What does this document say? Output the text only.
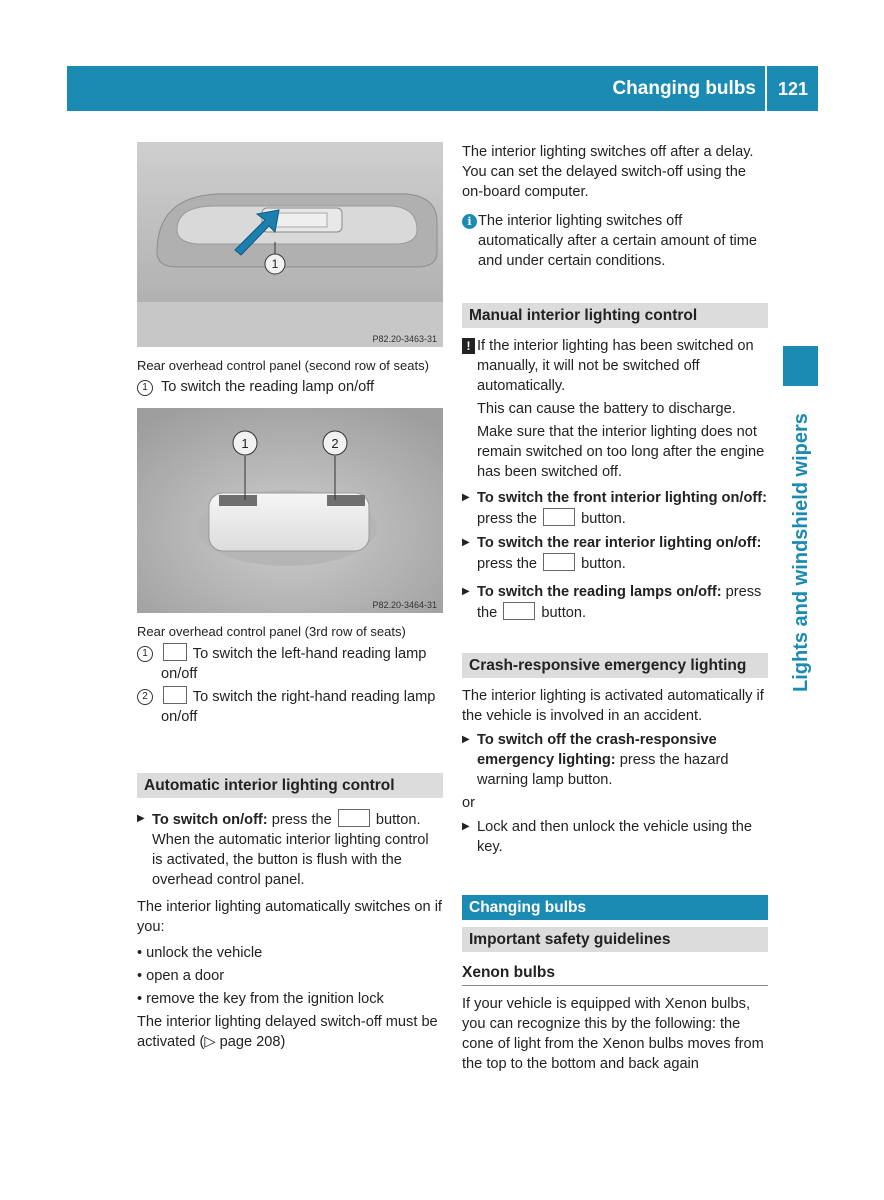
Changing bulbs 121
Lights and windshield wipers
1
P82.20-3463-31

Rear overhead control panel (second row of seats)

1 To switch the reading lamp on/off
1	2
P82.20-3464-31

Rear overhead control panel (3rd row of seats)

1	To switch the left-hand reading lamp on/off
2	To switch the right-hand reading lamp on/off
Automatic interior lighting control
▶ To switch on/off: press the	button.

When the automatic interior lighting control is activated, the button is flush with the overhead control panel.

The interior lighting automatically switches on if you:

• unlock the vehicle

• open a door

• remove the key from the ignition lock

The interior lighting delayed switch-off must be activated (▷ page 208)

The interior lighting switches off after a delay. You can set the delayed switch-off using the on-board computer.

i The interior lighting switches off automatically after a certain amount of time and under certain conditions.
Manual interior lighting control
! If the interior lighting has been switched on manually, it will not be switched off automatically.

This can cause the battery to discharge.

Make sure that the interior lighting does not remain switched on too long after the engine has been switched off.

▶ To switch the front interior lighting on/off: press the	button.
▶ To switch the rear interior lighting on/off: press the	button.
▶ To switch the reading lamps on/off: press the	button.
Crash-responsive emergency lighting

The interior lighting is activated automatically if the vehicle is involved in an accident.

▶ To switch off the crash-responsive emergency lighting: press the hazard warning lamp button.

or

▶ Lock and then unlock the vehicle using the key.
Changing bulbs
Important safety guidelines
Xenon bulbs

If your vehicle is equipped with Xenon bulbs, you can recognize this by the following: the cone of light from the Xenon bulbs moves from the top to the bottom and back again
